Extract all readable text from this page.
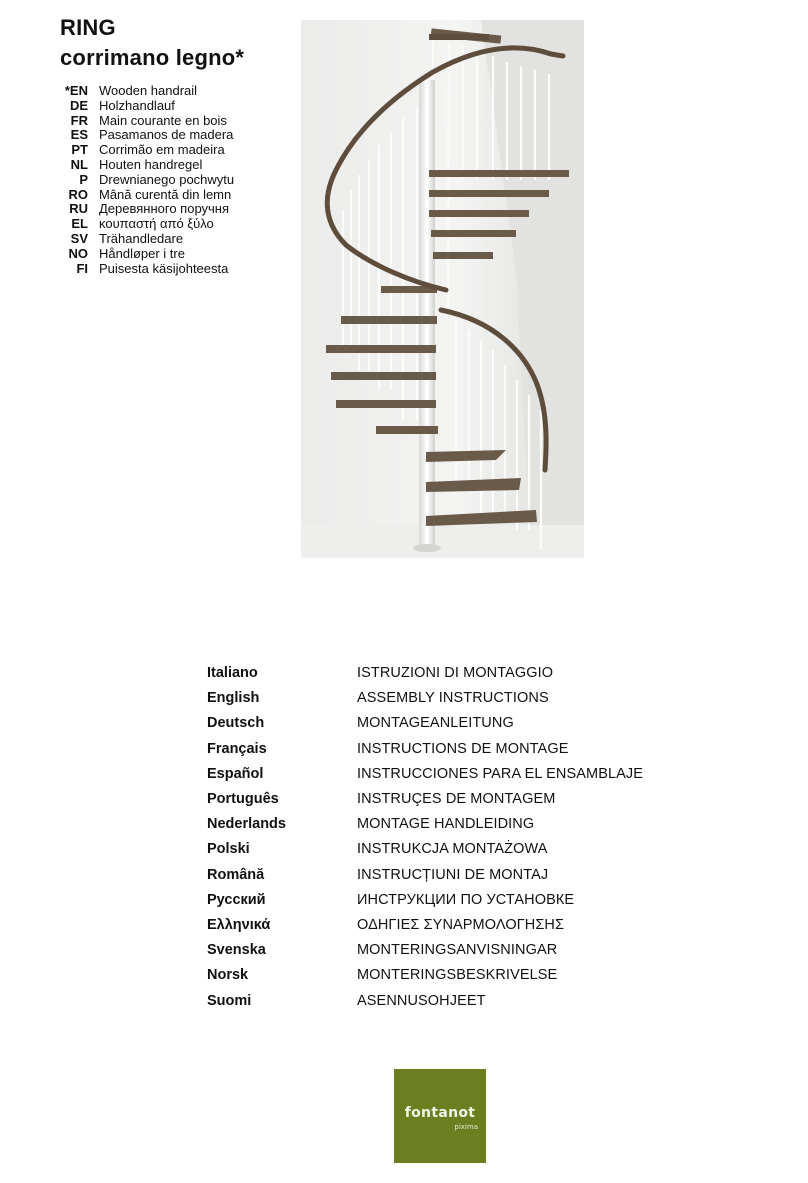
RING
corrimano legno*
*EN Wooden handrail
DE Holzhandlauf
FR Main courante en bois
ES Pasamanos de madera
PT Corrimão em madeira
NL Houten handregel
P Drewnianego pochwytu
RO Mână curentă din lemn
RU Деревянного поручня
EL κουπαστή από ξύλο
SV Trähandledare
NO Håndløper i tre
FI Puisesta käsijohteesta
Italiano	ISTRUZIONI DI MONTAGGIO
English	ASSEMBLY INSTRUCTIONS
Deutsch	MONTAGEANLEITUNG
Français	INSTRUCTIONS DE MONTAGE
Español	INSTRUCCIONES PARA EL ENSAMBLAJE
Português	INSTRUÇES DE MONTAGEM
Nederlands	MONTAGE HANDLEIDING
Polski	INSTRUKCJA MONTAŻOWA
Română	INSTRUCȚIUNI DE MONTAJ
Русский	ИНСТРУКЦИИ ПО УСТАНОВКЕ
Ελληνικά	ΟΔΗΓΙΕΣ ΣΥΝΑΡΜΟΛΟΓΗΣΗΣ
Svenska	MONTERINGSANVISNINGAR
Norsk	MONTERINGSBESKRIVELSE
Suomi	ASENNUSOHJEET
fontanot
pixima
